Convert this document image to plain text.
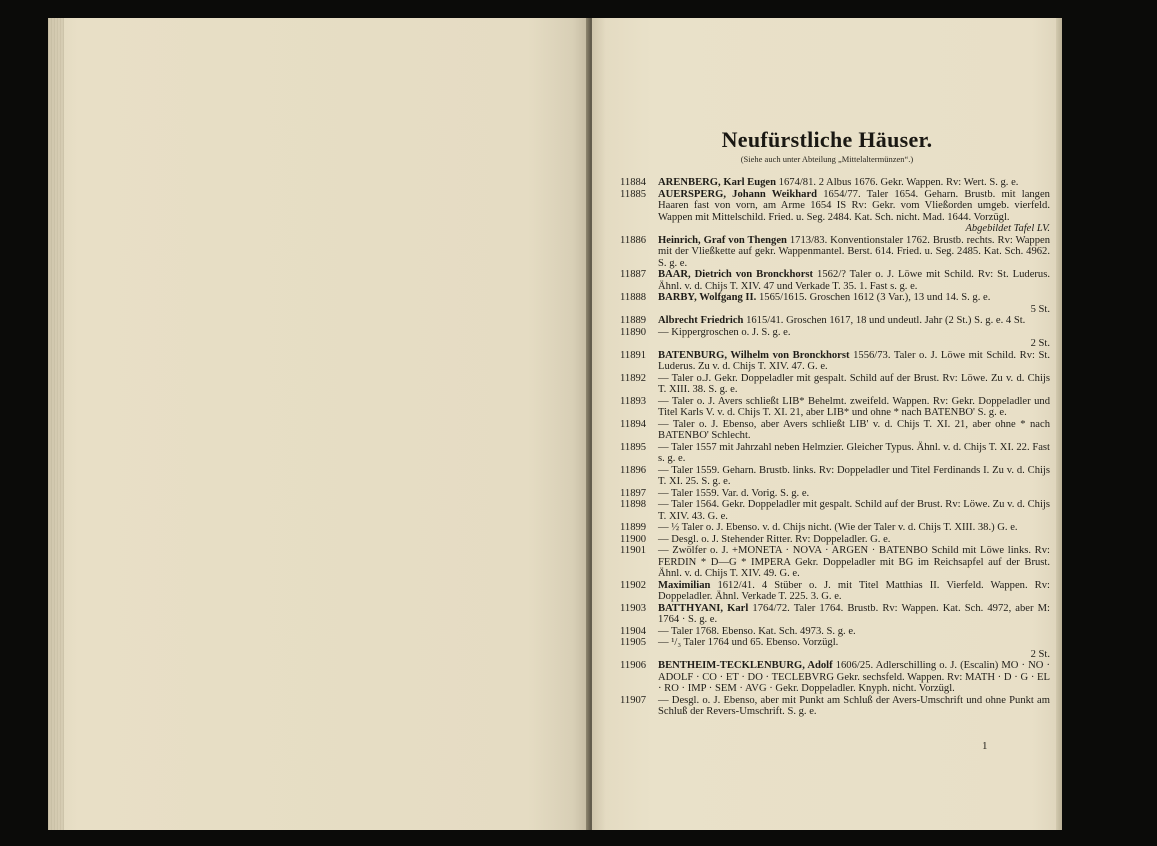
Neufürstliche Häuser.
(Siehe auch unter Abteilung „Mittelaltermünzen“.)
11884	ARENBERG, Karl Eugen 1674/81. 2 Albus 1676. Gekr. Wappen. Rv: Wert. S. g. e.
11885	AUERSPERG, Johann Weikhard 1654/77. Taler 1654. Geharn. Brustb. mit langen Haaren fast von vorn, am Arme 1654 IS Rv: Gekr. vom Vließorden umgeb. vierfeld. Wappen mit Mittelschild. Fried. u. Seg. 2484. Kat. Sch. nicht. Mad. 1644. Vorzügl.
Abgebildet Tafel LV.
11886	Heinrich, Graf von Thengen 1713/83. Konventionstaler 1762. Brustb. rechts. Rv: Wappen mit der Vließkette auf gekr. Wappenmantel. Berst. 614. Fried. u. Seg. 2485. Kat. Sch. 4962. S. g. e.
11887	BAAR, Dietrich von Bronckhorst 1562/? Taler o. J. Löwe mit Schild. Rv: St. Luderus. Ähnl. v. d. Chijs T. XIV. 47 und Verkade T. 35. 1. Fast s. g. e.
11888	BARBY, Wolfgang II. 1565/1615. Groschen 1612 (3 Var.), 13 und 14. S. g. e.
5 St.
11889	Albrecht Friedrich 1615/41. Groschen 1617, 18 und undeutl. Jahr (2 St.) S. g. e. 4 St.
11890	— Kippergroschen o. J. S. g. e.
2 St.
11891	BATENBURG, Wilhelm von Bronckhorst 1556/73. Taler o. J. Löwe mit Schild. Rv: St. Luderus. Zu v. d. Chijs T. XIV. 47. G. e.
11892	— Taler o.J. Gekr. Doppeladler mit gespalt. Schild auf der Brust. Rv: Löwe. Zu v. d. Chijs T. XIII. 38. S. g. e.
11893	— Taler o. J. Avers schließt LIB* Behelmt. zweifeld. Wappen. Rv: Gekr. Doppeladler und Titel Karls V. v. d. Chijs T. XI. 21, aber LIB* und ohne * nach BATENBO' S. g. e.
11894	— Taler o. J. Ebenso, aber Avers schließt LIB' v. d. Chijs T. XI. 21, aber ohne * nach BATENBO' Schlecht.
11895	— Taler 1557 mit Jahrzahl neben Helmzier. Gleicher Typus. Ähnl. v. d. Chijs T. XI. 22. Fast s. g. e.
11896	— Taler 1559. Geharn. Brustb. links. Rv: Doppeladler und Titel Ferdinands I. Zu v. d. Chijs T. XI. 25. S. g. e.
11897	— Taler 1559. Var. d. Vorig. S. g. e.
11898	— Taler 1564. Gekr. Doppeladler mit gespalt. Schild auf der Brust. Rv: Löwe. Zu v. d. Chijs T. XIV. 43. G. e.
11899	— ½ Taler o. J. Ebenso. v. d. Chijs nicht. (Wie der Taler v. d. Chijs T. XIII. 38.) G. e.
11900	— Desgl. o. J. Stehender Ritter. Rv: Doppeladler. G. e.
11901	— Zwölfer o. J. +MONETA · NOVA · ARGEN · BATENBO Schild mit Löwe links. Rv: FERDIN * D—G * IMPERA Gekr. Doppeladler mit BG im Reichsapfel auf der Brust. Ähnl. v. d. Chijs T. XIV. 49. G. e.
11902	Maximilian 1612/41. 4 Stüber o. J. mit Titel Matthias II. Vierfeld. Wappen. Rv: Doppeladler. Ähnl. Verkade T. 225. 3. G. e.
11903	BATTHYANI, Karl 1764/72. Taler 1764. Brustb. Rv: Wappen. Kat. Sch. 4972, aber M: 1764 · S. g. e.
11904	— Taler 1768. Ebenso. Kat. Sch. 4973. S. g. e.
11905	— ¹/₃ Taler 1764 und 65. Ebenso. Vorzügl.
2 St.
11906	BENTHEIM-TECKLENBURG, Adolf 1606/25. Adlerschilling o. J. (Escalin) MO · NO · ADOLF · CO · ET · DO · TECLEBVRG Gekr. sechsfeld. Wappen. Rv: MATH · D · G · EL · RO · IMP · SEM · AVG · Gekr. Doppeladler. Knyph. nicht. Vorzügl.
11907	— Desgl. o. J. Ebenso, aber mit Punkt am Schluß der Avers-Umschrift und ohne Punkt am Schluß der Revers-Umschrift. S. g. e.
1
